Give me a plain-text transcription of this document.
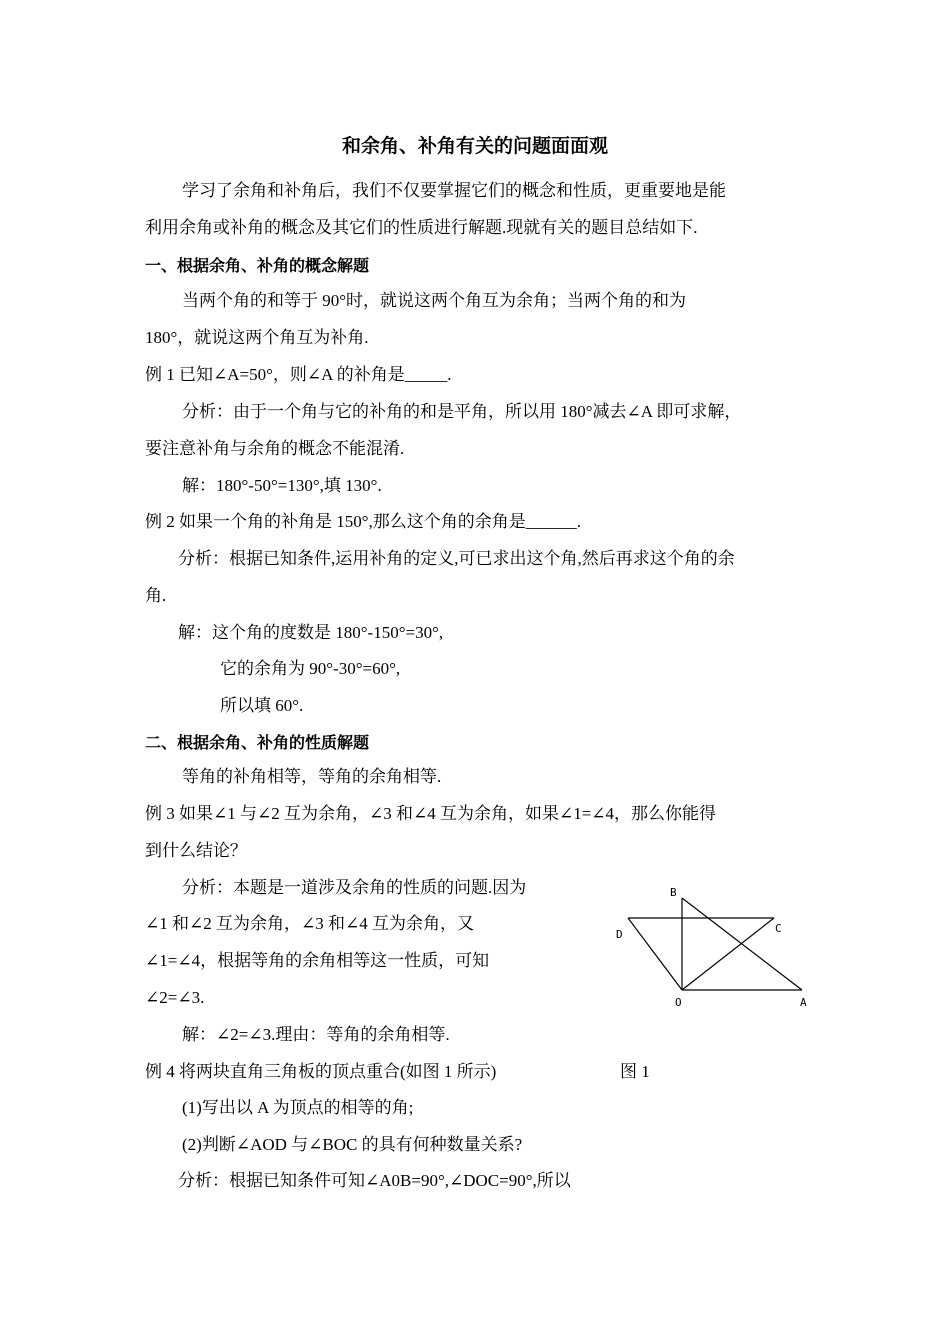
和余角、补角有关的问题面面观
学习了余角和补角后，我们不仅要掌握它们的概念和性质，更重要地是能
利用余角或补角的概念及其它们的性质进行解题.现就有关的题目总结如下.
一、根据余角、补角的概念解题
当两个角的和等于 90°时，就说这两个角互为余角；当两个角的和为
180°，就说这两个角互为补角.
例 1 已知∠A=50°，则∠A 的补角是_____.
分析：由于一个角与它的补角的和是平角，所以用 180°减去∠A 即可求解，
要注意补角与余角的概念不能混淆.
解：180°-50°=130°,填 130°.
例 2 如果一个角的补角是 150°,那么这个角的余角是______.
分析：根据已知条件,运用补角的定义,可已求出这个角,然后再求这个角的余
角.
解：这个角的度数是 180°-150°=30°,
它的余角为 90°-30°=60°,
所以填 60°.
二、根据余角、补角的性质解题
等角的补角相等，等角的余角相等.
例 3 如果∠1 与∠2 互为余角，∠3 和∠4 互为余角，如果∠1=∠4，那么你能得
到什么结论？
分析：本题是一道涉及余角的性质的问题.因为
∠1 和∠2 互为余角，∠3 和∠4 互为余角，又
∠1=∠4，根据等角的余角相等这一性质，可知
∠2=∠3.
解：∠2=∠3.理由：等角的余角相等.
例 4 将两块直角三角板的顶点重合(如图 1 所示)	图 1
(1)写出以 A 为顶点的相等的角;
(2)判断∠AOD 与∠BOC 的具有何种数量关系?
分析：根据已知条件可知∠A0B=90°,∠DOC=90°,所以
B
C
D
O	A
